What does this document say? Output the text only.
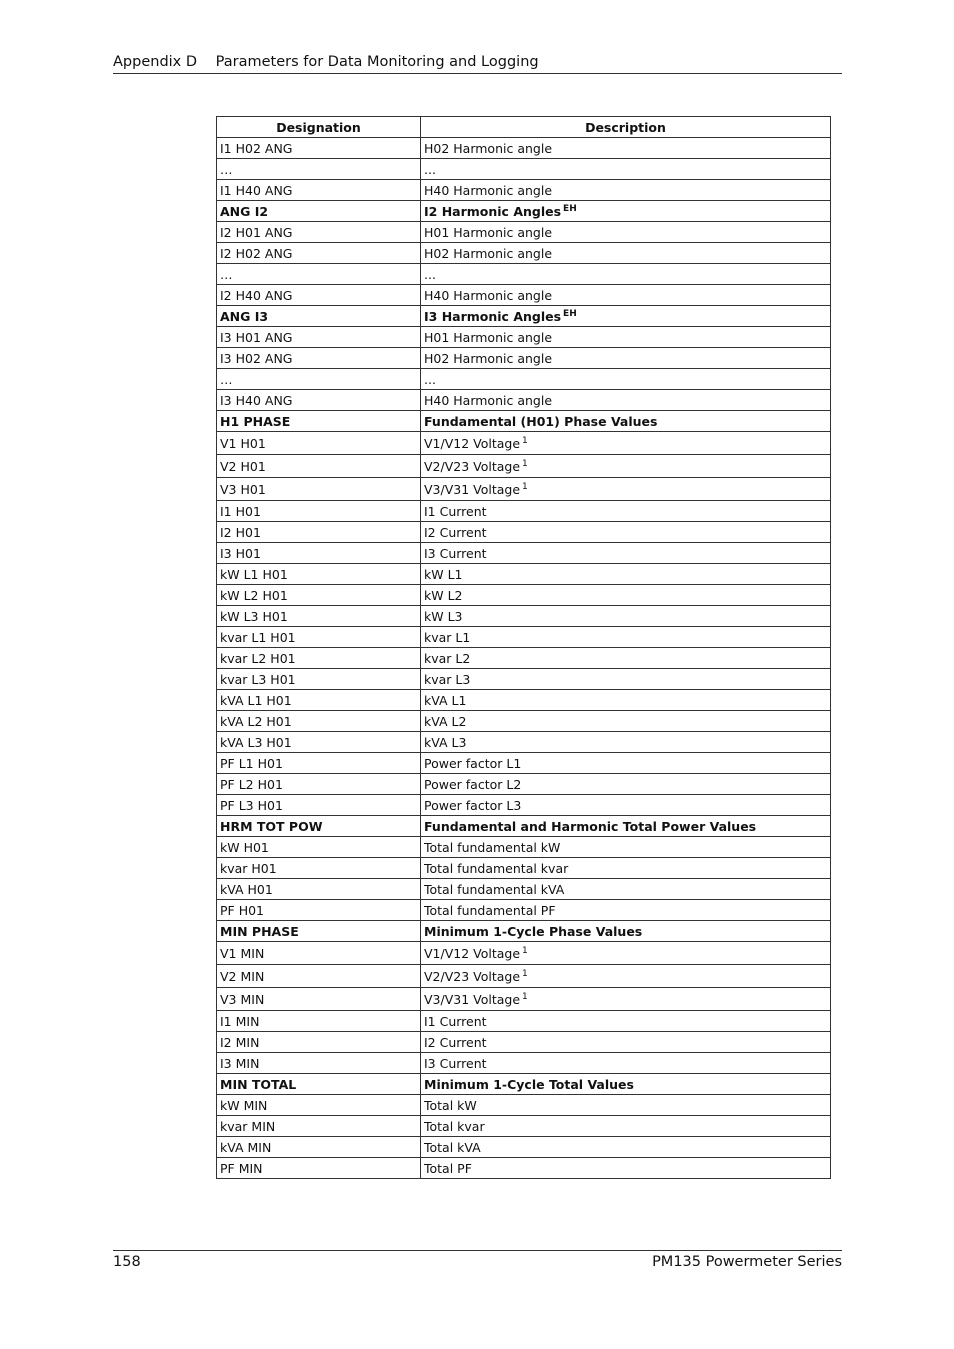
Appendix D Parameters for Data Monitoring and Logging
Designation	Description
I1 H02 ANG	H02 Harmonic angle
…	...
I1 H40 ANG	H40 Harmonic angle
ANG I2	I2 Harmonic Angles $^{EH}$
I2 H01 ANG	H01 Harmonic angle
I2 H02 ANG	H02 Harmonic angle
…	...
I2 H40 ANG	H40 Harmonic angle
ANG I3	I3 Harmonic Angles $^{EH}$
I3 H01 ANG	H01 Harmonic angle
I3 H02 ANG	H02 Harmonic angle
…	...
I3 H40 ANG	H40 Harmonic angle
H1 PHASE	Fundamental (H01) Phase Values
V1 H01	V1/V12 Voltage $^1$
V2 H01	V2/V23 Voltage $^1$
V3 H01	V3/V31 Voltage $^1$
I1 H01	I1 Current
I2 H01	I2 Current
I3 H01	I3 Current
kW L1 H01	kW L1
kW L2 H01	kW L2
kW L3 H01	kW L3
kvar L1 H01	kvar L1
kvar L2 H01	kvar L2
kvar L3 H01	kvar L3
kVA L1 H01	kVA L1
kVA L2 H01	kVA L2
kVA L3 H01	kVA L3
PF L1 H01	Power factor L1
PF L2 H01	Power factor L2
PF L3 H01	Power factor L3
HRM TOT POW	Fundamental and Harmonic Total Power Values
kW H01	Total fundamental kW
kvar H01	Total fundamental kvar
kVA H01	Total fundamental kVA
PF H01	Total fundamental PF
MIN PHASE	Minimum 1-Cycle Phase Values
V1 MIN	V1/V12 Voltage $^1$
V2 MIN	V2/V23 Voltage $^1$
V3 MIN	V3/V31 Voltage $^1$
I1 MIN	I1 Current
I2 MIN	I2 Current
I3 MIN	I3 Current
MIN TOTAL	Minimum 1-Cycle Total Values
kW MIN	Total kW
kvar MIN	Total kvar
kVA MIN	Total kVA
PF MIN	Total PF
158	PM135 Powermeter Series
